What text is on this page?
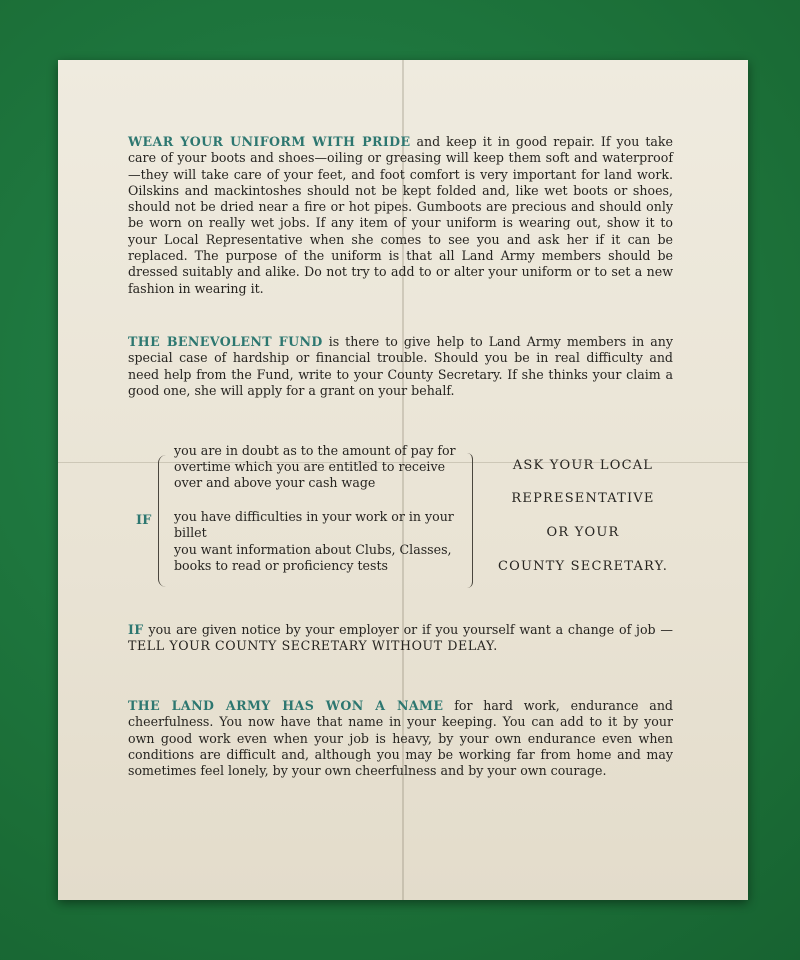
WEAR YOUR UNIFORM WITH PRIDE and keep it in good repair. If you take care of your boots and shoes—oiling or greasing will keep them soft and waterproof—they will take care of your feet, and foot comfort is very important for land work. Oilskins and mackintoshes should not be kept folded and, like wet boots or shoes, should not be dried near a fire or hot pipes. Gumboots are precious and should only be worn on really wet jobs. If any item of your uniform is wearing out, show it to your Local Representative when she comes to see you and ask her if it can be replaced. The purpose of the uniform is that all Land Army members should be dressed suitably and alike. Do not try to add to or alter your uniform or to set a new fashion in wearing it.
THE BENEVOLENT FUND is there to give help to Land Army members in any special case of hardship or financial trouble. Should you be in real difficulty and need help from the Fund, write to your County Secretary. If she thinks your claim a good one, she will apply for a grant on your behalf.
IF
you are in doubt as to the amount of pay for overtime which you are entitled to receive over and above your cash wage
you have difficulties in your work or in your billet
you want information about Clubs, Classes, books to read or proficiency tests
ASK YOUR LOCAL
REPRESENTATIVE
OR YOUR
COUNTY SECRETARY.
IF you are given notice by your employer or if you yourself want a change of job — TELL YOUR COUNTY SECRETARY WITHOUT DELAY.
THE LAND ARMY HAS WON A NAME for hard work, endurance and cheerfulness. You now have that name in your keeping. You can add to it by your own good work even when your job is heavy, by your own endurance even when conditions are difficult and, although you may be working far from home and may sometimes feel lonely, by your own cheerfulness and by your own courage.
